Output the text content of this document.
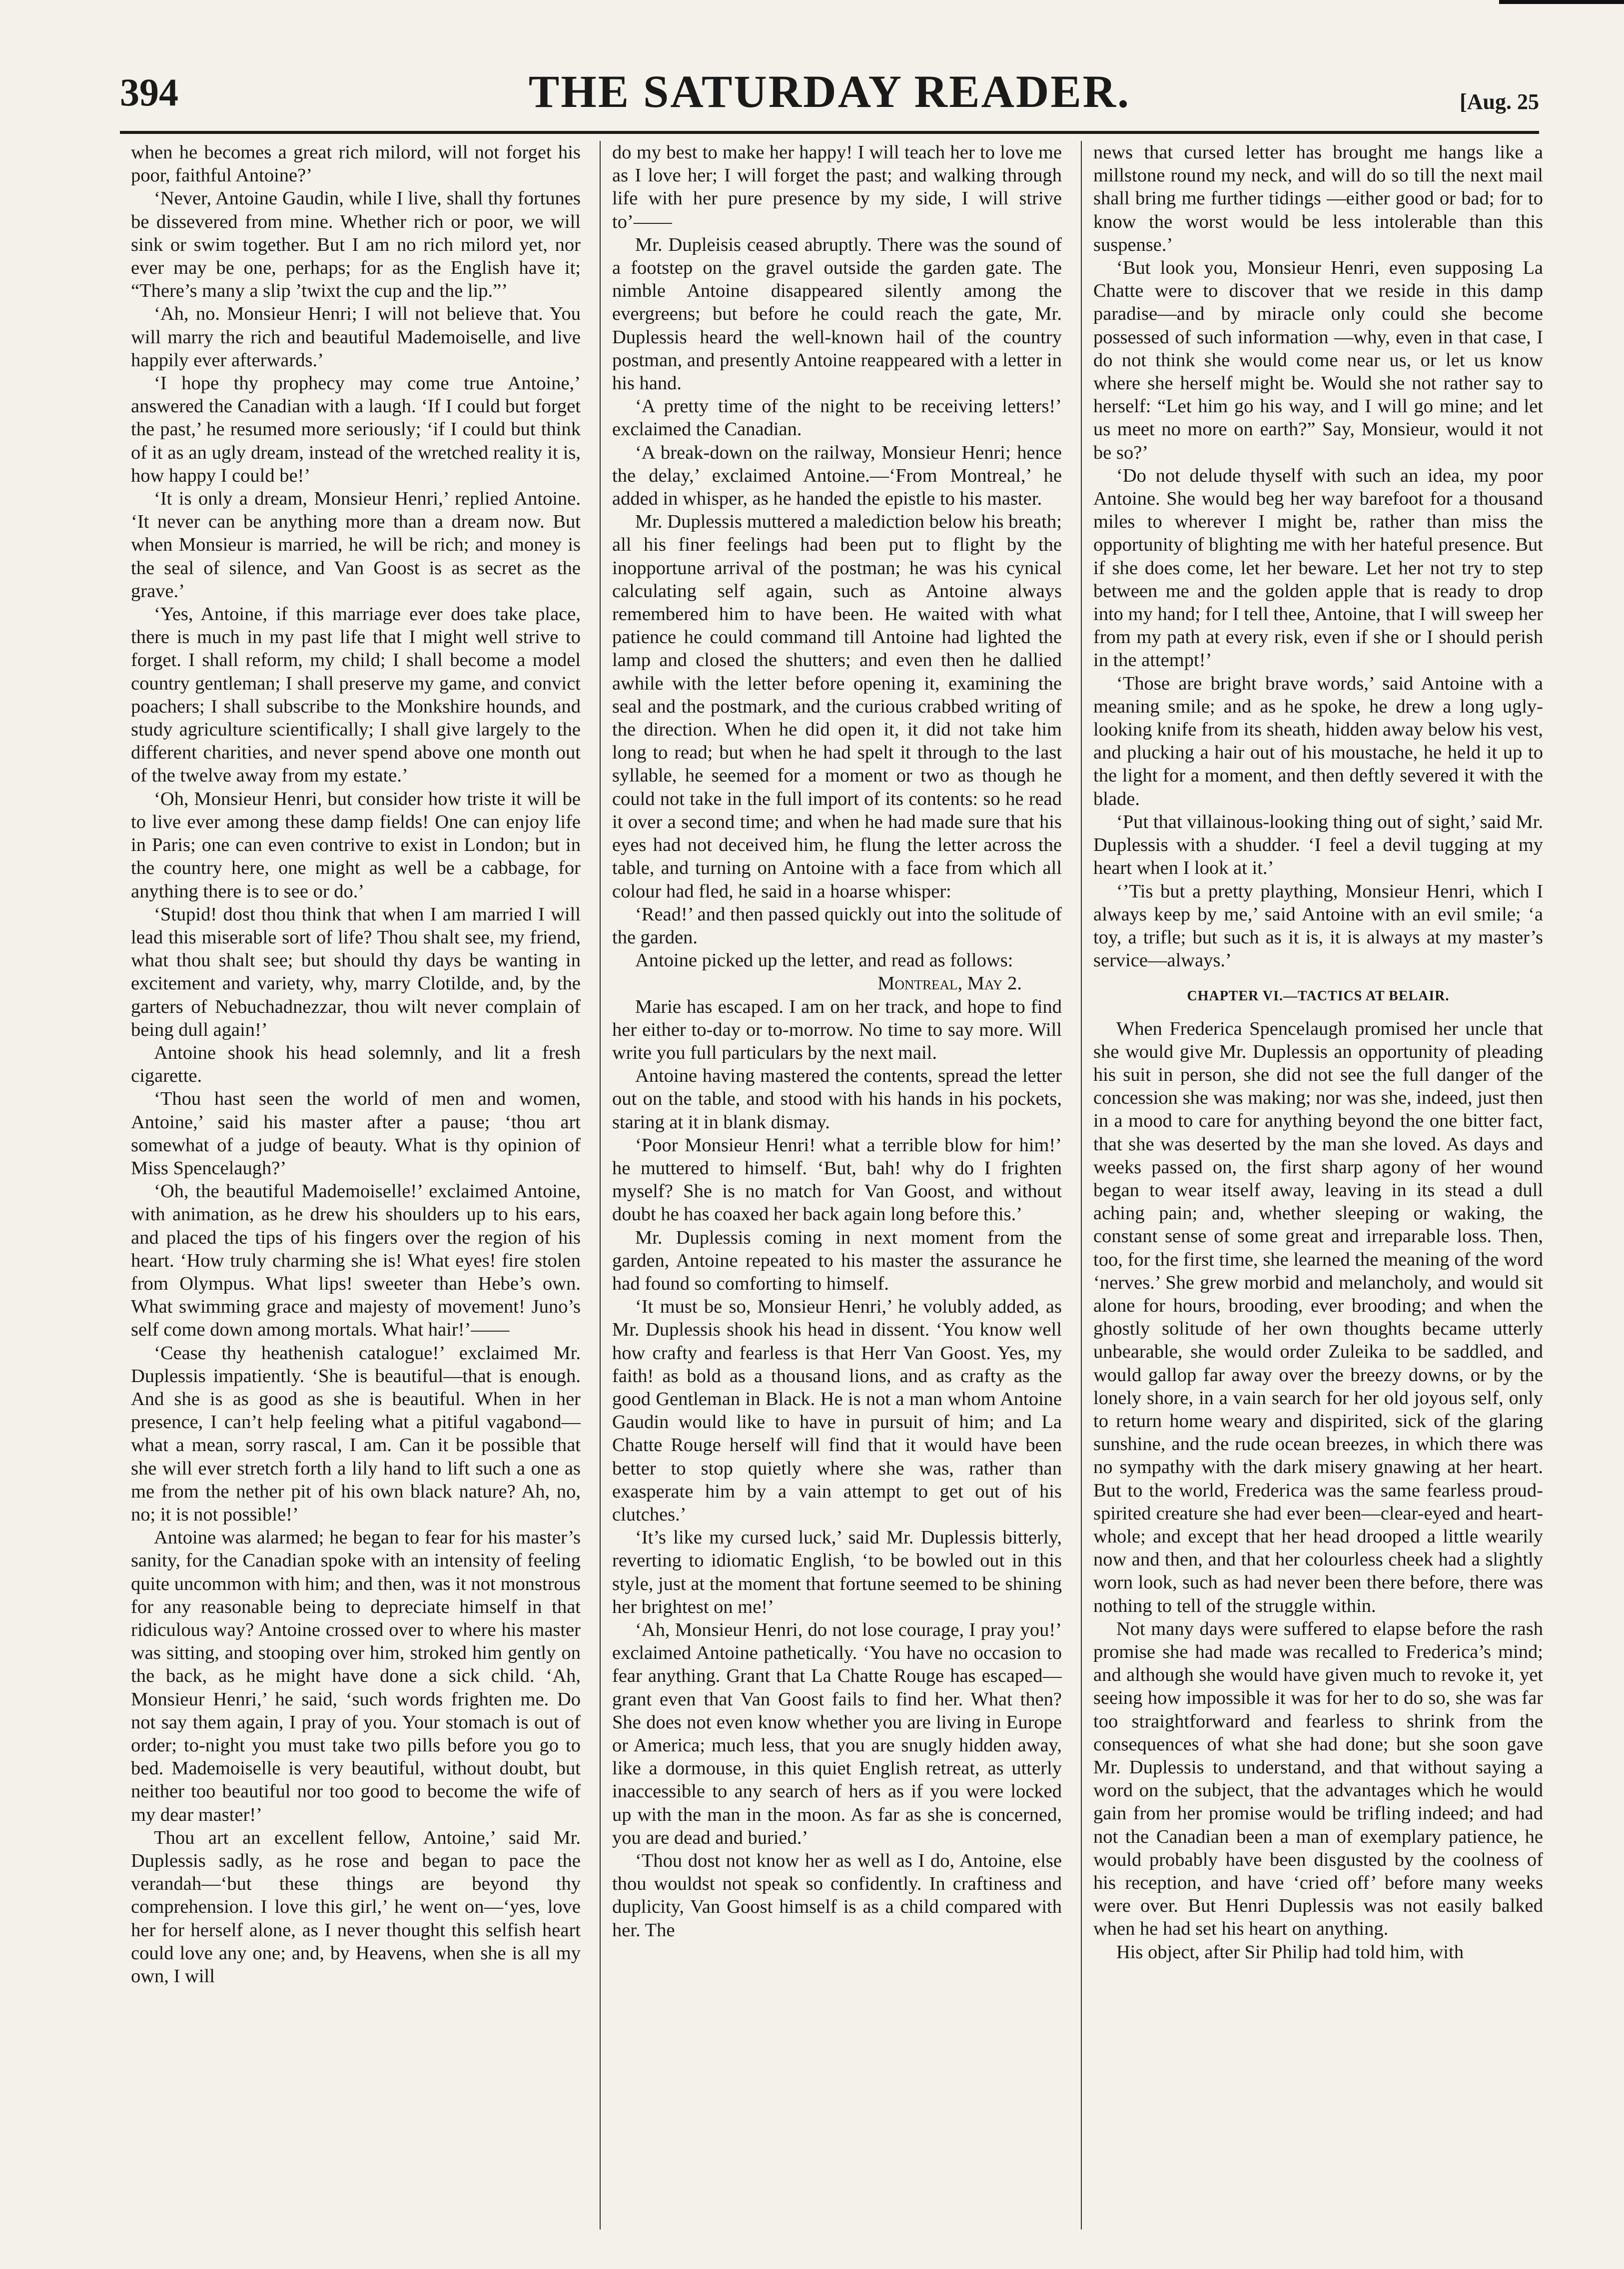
394	THE SATURDAY READER.	[Aug. 25

when he becomes a great rich milord, will not forget his poor, faithful Antoine?’

‘Never, Antoine Gaudin, while I live, shall thy fortunes be dissevered from mine. Whether rich or poor, we will sink or swim together. But I am no rich milord yet, nor ever may be one, perhaps; for as the English have it; “There’s many a slip ’twixt the cup and the lip.”’

‘Ah, no. Monsieur Henri; I will not believe that. You will marry the rich and beautiful Mademoiselle, and live happily ever afterwards.’

‘I hope thy prophecy may come true Antoine,’ answered the Canadian with a laugh. ‘If I could but forget the past,’ he resumed more seriously; ‘if I could but think of it as an ugly dream, instead of the wretched reality it is, how happy I could be!’

‘It is only a dream, Monsieur Henri,’ replied Antoine. ‘It never can be anything more than a dream now. But when Monsieur is married, he will be rich; and money is the seal of silence, and Van Goost is as secret as the grave.’

‘Yes, Antoine, if this marriage ever does take place, there is much in my past life that I might well strive to forget. I shall reform, my child; I shall become a model country gentleman; I shall preserve my game, and convict poachers; I shall subscribe to the Monkshire hounds, and study agriculture scientifically; I shall give largely to the different charities, and never spend above one month out of the twelve away from my estate.’

‘Oh, Monsieur Henri, but consider how triste it will be to live ever among these damp fields! One can enjoy life in Paris; one can even contrive to exist in London; but in the country here, one might as well be a cabbage, for anything there is to see or do.’

‘Stupid! dost thou think that when I am married I will lead this miserable sort of life? Thou shalt see, my friend, what thou shalt see; but should thy days be wanting in excitement and variety, why, marry Clotilde, and, by the garters of Nebuchadnezzar, thou wilt never complain of being dull again!’

Antoine shook his head solemnly, and lit a fresh cigarette.

‘Thou hast seen the world of men and women, Antoine,’ said his master after a pause; ‘thou art somewhat of a judge of beauty. What is thy opinion of Miss Spencelaugh?’

‘Oh, the beautiful Mademoiselle!’ exclaimed Antoine, with animation, as he drew his shoulders up to his ears, and placed the tips of his fingers over the region of his heart. ‘How truly charming she is! What eyes! fire stolen from Olympus. What lips! sweeter than Hebe’s own. What swimming grace and majesty of movement! Juno’s self come down among mortals. What hair!’——

‘Cease thy heathenish catalogue!’ exclaimed Mr. Duplessis impatiently. ‘She is beautiful—that is enough. And she is as good as she is beautiful. When in her presence, I can’t help feeling what a pitiful vagabond—what a mean, sorry rascal, I am. Can it be possible that she will ever stretch forth a lily hand to lift such a one as me from the nether pit of his own black nature? Ah, no, no; it is not possible!’

Antoine was alarmed; he began to fear for his master’s sanity, for the Canadian spoke with an intensity of feeling quite uncommon with him; and then, was it not monstrous for any reasonable being to depreciate himself in that ridiculous way? Antoine crossed over to where his master was sitting, and stooping over him, stroked him gently on the back, as he might have done a sick child. ‘Ah, Monsieur Henri,’ he said, ‘such words frighten me. Do not say them again, I pray of you. Your stomach is out of order; to-night you must take two pills before you go to bed. Mademoiselle is very beautiful, without doubt, but neither too beautiful nor too good to become the wife of my dear master!’

Thou art an excellent fellow, Antoine,’ said Mr. Duplessis sadly, as he rose and began to pace the verandah—‘but these things are beyond thy comprehension. I love this girl,’ he went on—‘yes, love her for herself alone, as I never thought this selfish heart could love any one; and, by Heavens, when she is all my own, I will

do my best to make her happy! I will teach her to love me as I love her; I will forget the past; and walking through life with her pure presence by my side, I will strive to’——

Mr. Dupleisis ceased abruptly. There was the sound of a footstep on the gravel outside the garden gate. The nimble Antoine disappeared silently among the evergreens; but before he could reach the gate, Mr. Duplessis heard the well-known hail of the country postman, and presently Antoine reappeared with a letter in his hand.

‘A pretty time of the night to be receiving letters!’ exclaimed the Canadian.

‘A break-down on the railway, Monsieur Henri; hence the delay,’ exclaimed Antoine.—‘From Montreal,’ he added in whisper, as he handed the epistle to his master.

Mr. Duplessis muttered a malediction below his breath; all his finer feelings had been put to flight by the inopportune arrival of the postman; he was his cynical calculating self again, such as Antoine always remembered him to have been. He waited with what patience he could command till Antoine had lighted the lamp and closed the shutters; and even then he dallied awhile with the letter before opening it, examining the seal and the postmark, and the curious crabbed writing of the direction. When he did open it, it did not take him long to read; but when he had spelt it through to the last syllable, he seemed for a moment or two as though he could not take in the full import of its contents: so he read it over a second time; and when he had made sure that his eyes had not deceived him, he flung the letter across the table, and turning on Antoine with a face from which all colour had fled, he said in a hoarse whisper:

‘Read!’ and then passed quickly out into the solitude of the garden.

Antoine picked up the letter, and read as follows:

Montreal, May 2.

Marie has escaped. I am on her track, and hope to find her either to-day or to-morrow. No time to say more. Will write you full particulars by the next mail.

Antoine having mastered the contents, spread the letter out on the table, and stood with his hands in his pockets, staring at it in blank dismay.

‘Poor Monsieur Henri! what a terrible blow for him!’ he muttered to himself. ‘But, bah! why do I frighten myself? She is no match for Van Goost, and without doubt he has coaxed her back again long before this.’

Mr. Duplessis coming in next moment from the garden, Antoine repeated to his master the assurance he had found so comforting to himself.

‘It must be so, Monsieur Henri,’ he volubly added, as Mr. Duplessis shook his head in dissent. ‘You know well how crafty and fearless is that Herr Van Goost. Yes, my faith! as bold as a thousand lions, and as crafty as the good Gentleman in Black. He is not a man whom Antoine Gaudin would like to have in pursuit of him; and La Chatte Rouge herself will find that it would have been better to stop quietly where she was, rather than exasperate him by a vain attempt to get out of his clutches.’

‘It’s like my cursed luck,’ said Mr. Duplessis bitterly, reverting to idiomatic English, ‘to be bowled out in this style, just at the moment that fortune seemed to be shining her brightest on me!’

‘Ah, Monsieur Henri, do not lose courage, I pray you!’ exclaimed Antoine pathetically. ‘You have no occasion to fear anything. Grant that La Chatte Rouge has escaped—grant even that Van Goost fails to find her. What then? She does not even know whether you are living in Europe or America; much less, that you are snugly hidden away, like a dormouse, in this quiet English retreat, as utterly inaccessible to any search of hers as if you were locked up with the man in the moon. As far as she is concerned, you are dead and buried.’

‘Thou dost not know her as well as I do, Antoine, else thou wouldst not speak so confidently. In craftiness and duplicity, Van Goost himself is as a child compared with her. The

news that cursed letter has brought me hangs like a millstone round my neck, and will do so till the next mail shall bring me further tidings —either good or bad; for to know the worst would be less intolerable than this suspense.’

‘But look you, Monsieur Henri, even supposing La Chatte were to discover that we reside in this damp paradise—and by miracle only could she become possessed of such information —why, even in that case, I do not think she would come near us, or let us know where she herself might be. Would she not rather say to herself: “Let him go his way, and I will go mine; and let us meet no more on earth?” Say, Monsieur, would it not be so?’

‘Do not delude thyself with such an idea, my poor Antoine. She would beg her way barefoot for a thousand miles to wherever I might be, rather than miss the opportunity of blighting me with her hateful presence. But if she does come, let her beware. Let her not try to step between me and the golden apple that is ready to drop into my hand; for I tell thee, Antoine, that I will sweep her from my path at every risk, even if she or I should perish in the attempt!’

‘Those are bright brave words,’ said Antoine with a meaning smile; and as he spoke, he drew a long ugly-looking knife from its sheath, hidden away below his vest, and plucking a hair out of his moustache, he held it up to the light for a moment, and then deftly severed it with the blade.

‘Put that villainous-looking thing out of sight,’ said Mr. Duplessis with a shudder. ‘I feel a devil tugging at my heart when I look at it.’

‘’Tis but a pretty plaything, Monsieur Henri, which I always keep by me,’ said Antoine with an evil smile; ‘a toy, a trifle; but such as it is, it is always at my master’s service—always.’

CHAPTER VI.—TACTICS AT BELAIR.

When Frederica Spencelaugh promised her uncle that she would give Mr. Duplessis an opportunity of pleading his suit in person, she did not see the full danger of the concession she was making; nor was she, indeed, just then in a mood to care for anything beyond the one bitter fact, that she was deserted by the man she loved. As days and weeks passed on, the first sharp agony of her wound began to wear itself away, leaving in its stead a dull aching pain; and, whether sleeping or waking, the constant sense of some great and irreparable loss. Then, too, for the first time, she learned the meaning of the word ‘nerves.’ She grew morbid and melancholy, and would sit alone for hours, brooding, ever brooding; and when the ghostly solitude of her own thoughts became utterly unbearable, she would order Zuleika to be saddled, and would gallop far away over the breezy downs, or by the lonely shore, in a vain search for her old joyous self, only to return home weary and dispirited, sick of the glaring sunshine, and the rude ocean breezes, in which there was no sympathy with the dark misery gnawing at her heart. But to the world, Frederica was the same fearless proud-spirited creature she had ever been—clear-eyed and heart-whole; and except that her head drooped a little wearily now and then, and that her colourless cheek had a slightly worn look, such as had never been there before, there was nothing to tell of the struggle within.

Not many days were suffered to elapse before the rash promise she had made was recalled to Frederica’s mind; and although she would have given much to revoke it, yet seeing how impossible it was for her to do so, she was far too straightforward and fearless to shrink from the consequences of what she had done; but she soon gave Mr. Duplessis to understand, and that without saying a word on the subject, that the advantages which he would gain from her promise would be trifling indeed; and had not the Canadian been a man of exemplary patience, he would probably have been disgusted by the coolness of his reception, and have ‘cried off’ before many weeks were over. But Henri Duplessis was not easily balked when he had set his heart on anything.

His object, after Sir Philip had told him, with
